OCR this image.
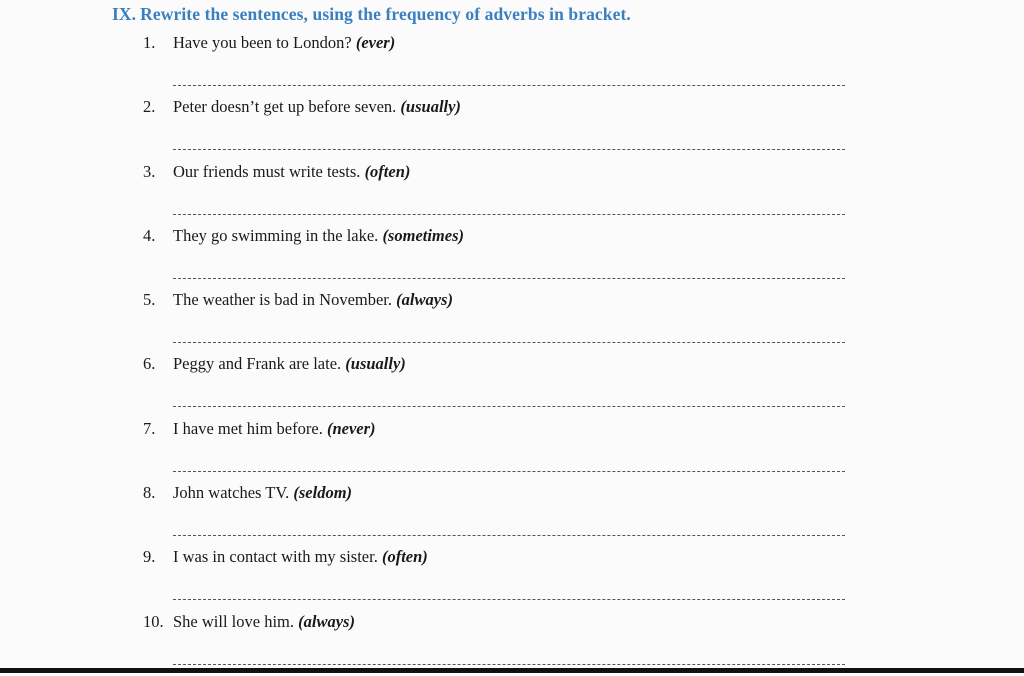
IX. Rewrite the sentences, using the frequency of adverbs in bracket.
1. Have you been to London? (ever)
2. Peter doesn’t get up before seven. (usually)
3. Our friends must write tests. (often)
4. They go swimming in the lake. (sometimes)
5. The weather is bad in November. (always)
6. Peggy and Frank are late. (usually)
7. I have met him before. (never)
8. John watches TV. (seldom)
9. I was in contact with my sister. (often)
10. She will love him. (always)
